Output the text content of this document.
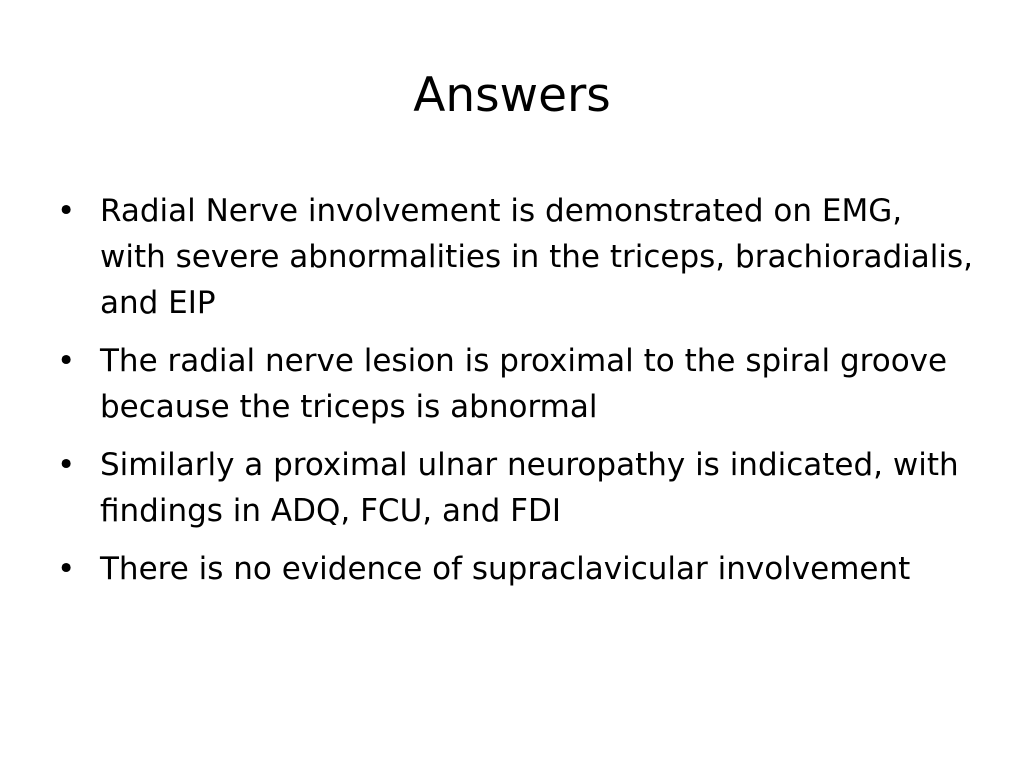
Answers
• Radial Nerve involvement is demonstrated on EMG, with severe abnormalities in the triceps, brachioradialis, and EIP
• The radial nerve lesion is proximal to the spiral groove because the triceps is abnormal
• Similarly a proximal ulnar neuropathy is indicated, with findings in ADQ, FCU, and FDI
• There is no evidence of supraclavicular involvement
